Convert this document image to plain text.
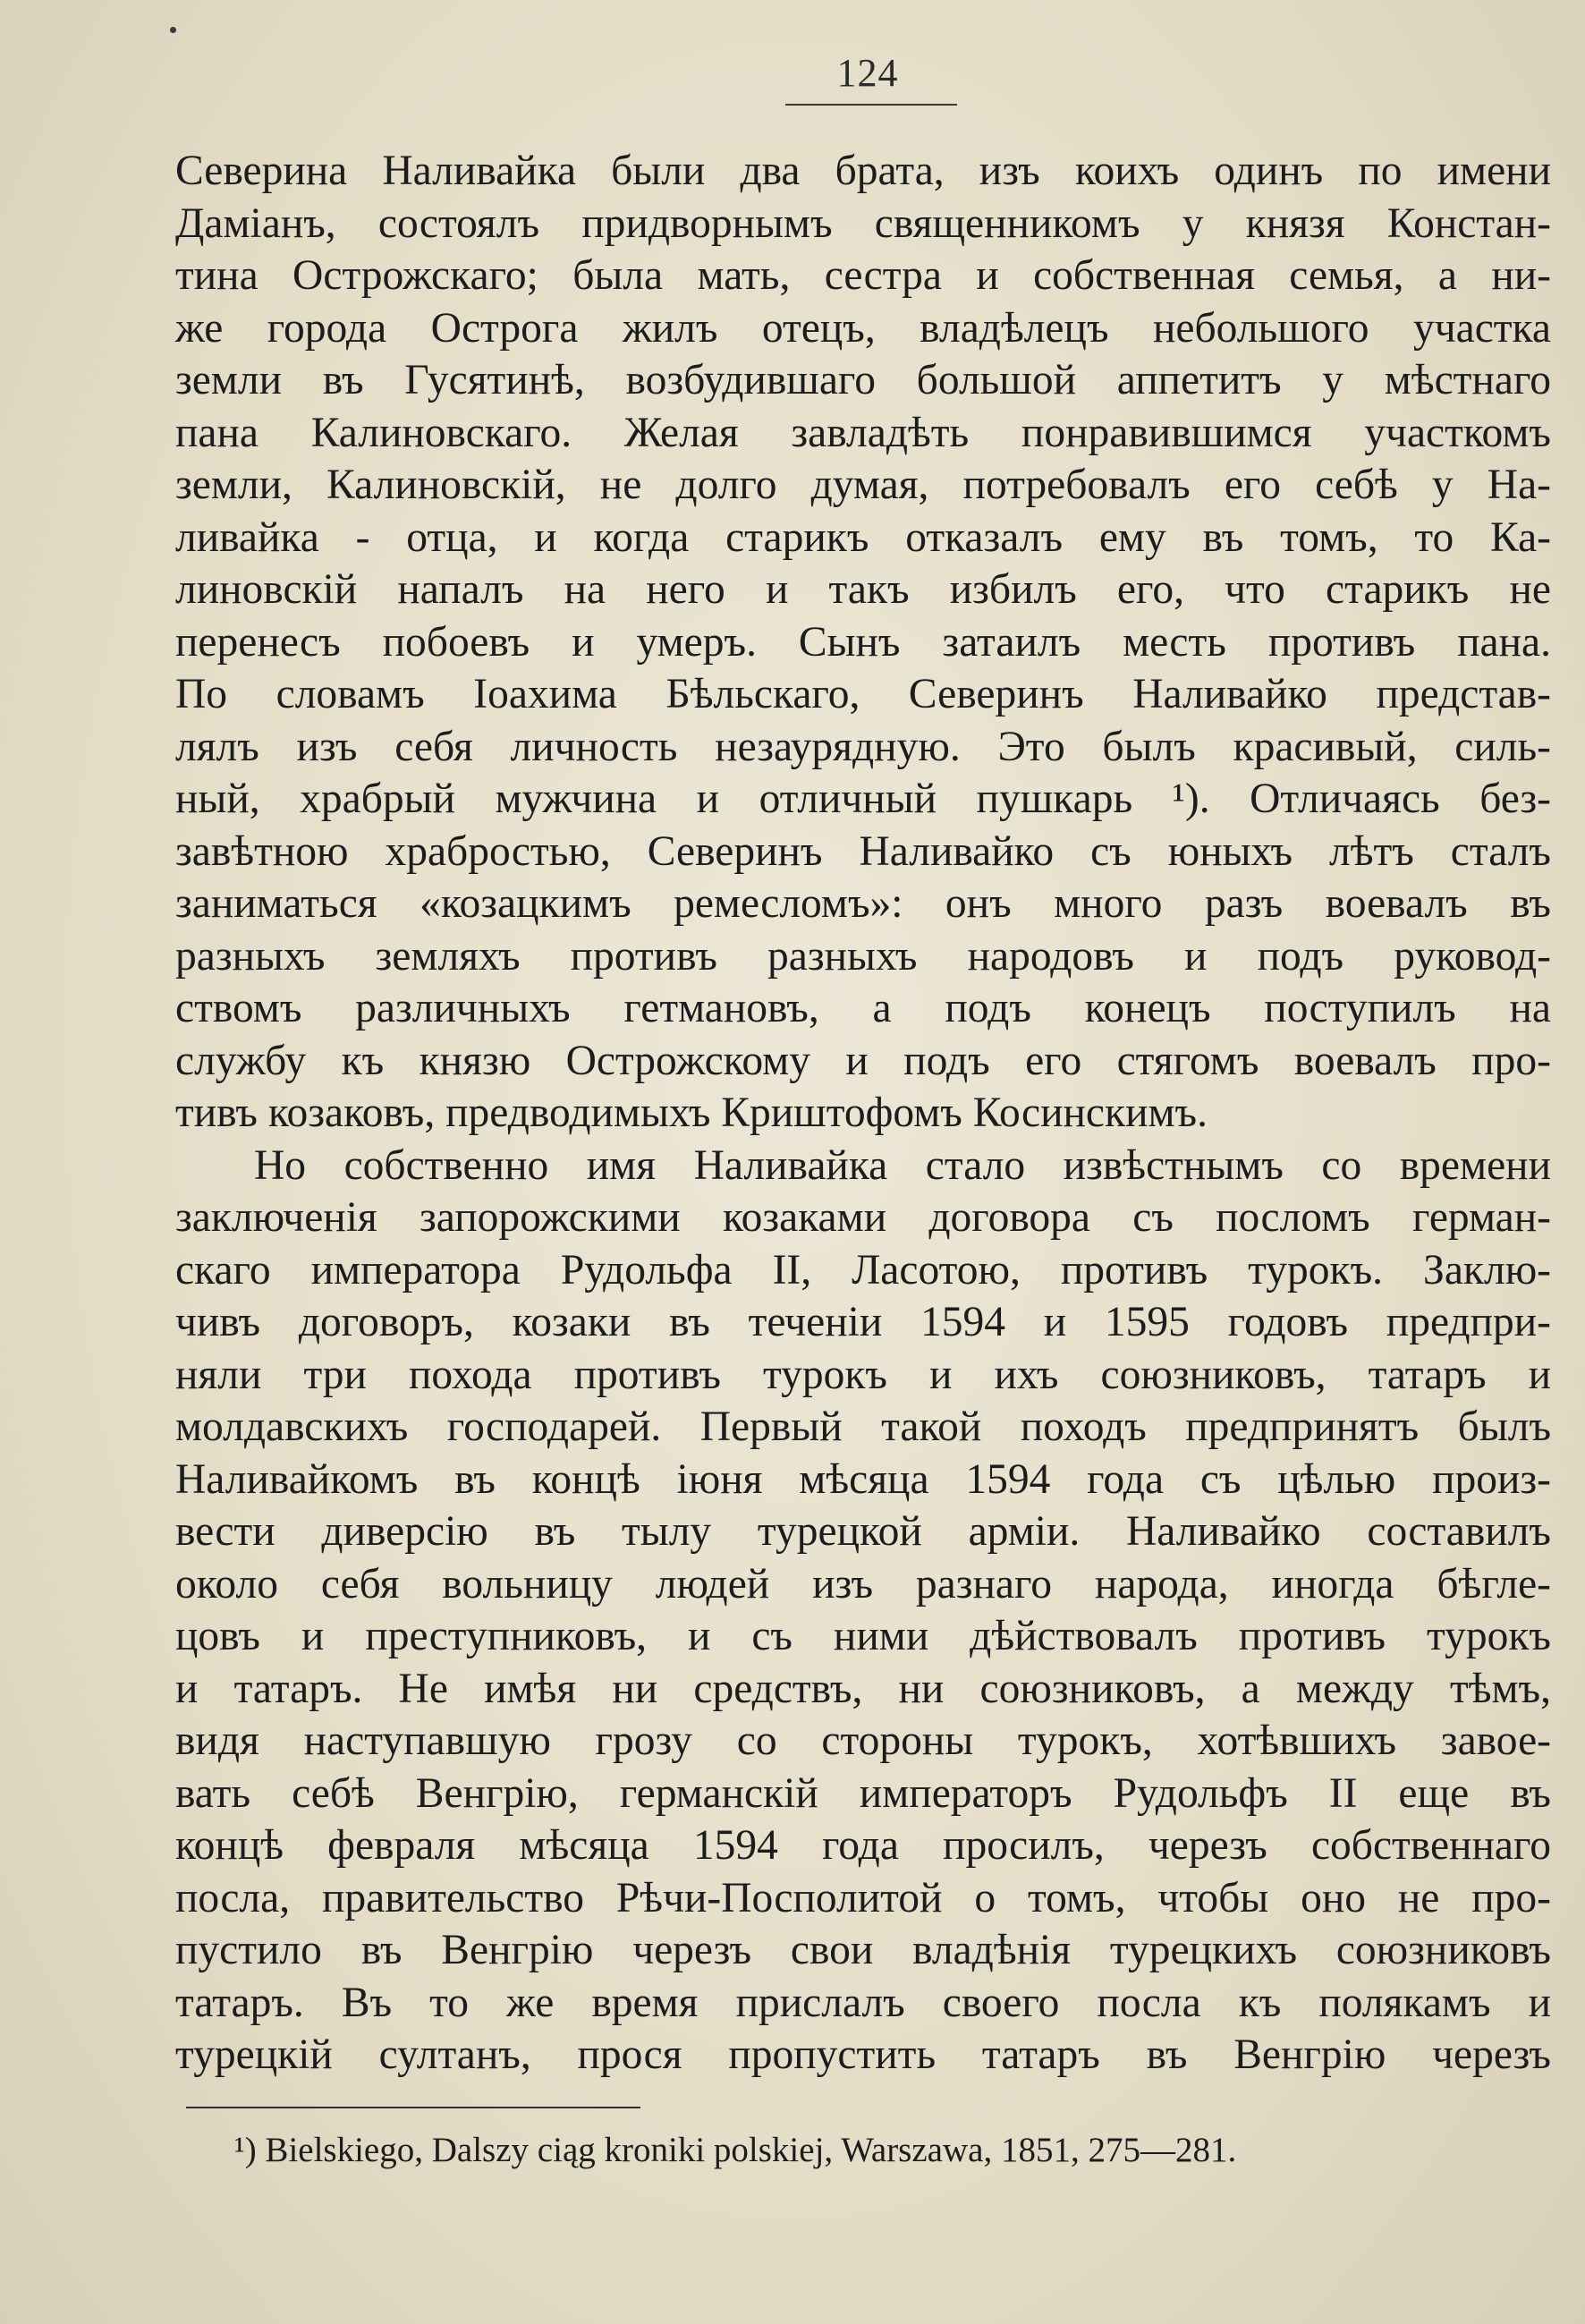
124
Северина Наливайка были два брата, изъ коихъ одинъ по имени
Даміанъ, состоялъ придворнымъ священникомъ у князя Констан-
тина Острожскаго; была мать, сестра и собственная семья, а ни-
же города Острога жилъ отецъ, владѣлецъ небольшого участка
земли въ Гусятинѣ, возбудившаго большой аппетитъ у мѣстнаго
пана Калиновскаго. Желая завладѣть понравившимся участкомъ
земли, Калиновскій, не долго думая, потребовалъ его себѣ у На-
ливайка - отца, и когда старикъ отказалъ ему въ томъ, то Ка-
линовскій напалъ на него и такъ избилъ его, что старикъ не
перенесъ побоевъ и умеръ. Сынъ затаилъ месть противъ пана.
По словамъ Іоахима Бѣльскаго, Северинъ Наливайко представ-
лялъ изъ себя личность незаурядную. Это былъ красивый, силь-
ный, храбрый мужчина и отличный пушкарь ¹). Отличаясь без-
завѣтною храбростью, Северинъ Наливайко съ юныхъ лѣтъ сталъ
заниматься «козацкимъ ремесломъ»: онъ много разъ воевалъ въ
разныхъ земляхъ противъ разныхъ народовъ и подъ руковод-
ствомъ различныхъ гетмановъ, а подъ конецъ поступилъ на
службу къ князю Острожскому и подъ его стягомъ воевалъ про-
тивъ козаковъ, предводимыхъ Криштофомъ Косинскимъ.
Но собственно имя Наливайка стало извѣстнымъ со времени
заключенія запорожскими козаками договора съ посломъ герман-
скаго императора Рудольфа II, Ласотою, противъ турокъ. Заклю-
чивъ договоръ, козаки въ теченіи 1594 и 1595 годовъ предпри-
няли три похода противъ турокъ и ихъ союзниковъ, татаръ и
молдавскихъ господарей. Первый такой походъ предпринятъ былъ
Наливайкомъ въ концѣ іюня мѣсяца 1594 года съ цѣлью произ-
вести диверсію въ тылу турецкой арміи. Наливайко составилъ
около себя вольницу людей изъ разнаго народа, иногда бѣгле-
цовъ и преступниковъ, и съ ними дѣйствовалъ противъ турокъ
и татаръ. Не имѣя ни средствъ, ни союзниковъ, а между тѣмъ,
видя наступавшую грозу со стороны турокъ, хотѣвшихъ завое-
вать себѣ Венгрію, германскій императоръ Рудольфъ II еще въ
концѣ февраля мѣсяца 1594 года просилъ, черезъ собственнаго
посла, правительство Рѣчи-Посполитой о томъ, чтобы оно не про-
пустило въ Венгрію черезъ свои владѣнія турецкихъ союзниковъ
татаръ. Въ то же время прислалъ своего посла къ полякамъ и
турецкій султанъ, прося пропустить татаръ въ Венгрію черезъ
¹) Bielskiego, Dalszy ciąg kroniki polskiej, Warszawa, 1851, 275—281.
